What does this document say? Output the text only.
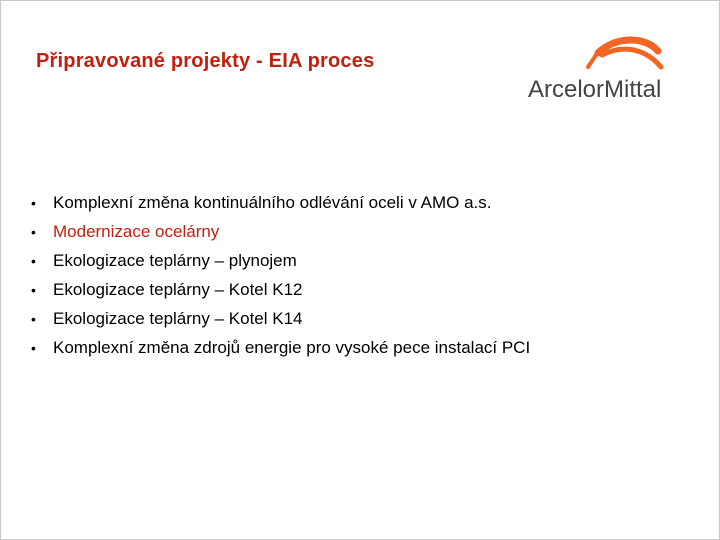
Připravované projekty - EIA proces
ArcelorMittal
•	Komplexní změna kontinuálního odlévání oceli v AMO a.s.
•	Modernizace ocelárny
•	Ekologizace teplárny – plynojem
•	Ekologizace teplárny – Kotel K12
•	Ekologizace teplárny – Kotel K14
•	Komplexní změna zdrojů energie pro vysoké pece instalací PCI
